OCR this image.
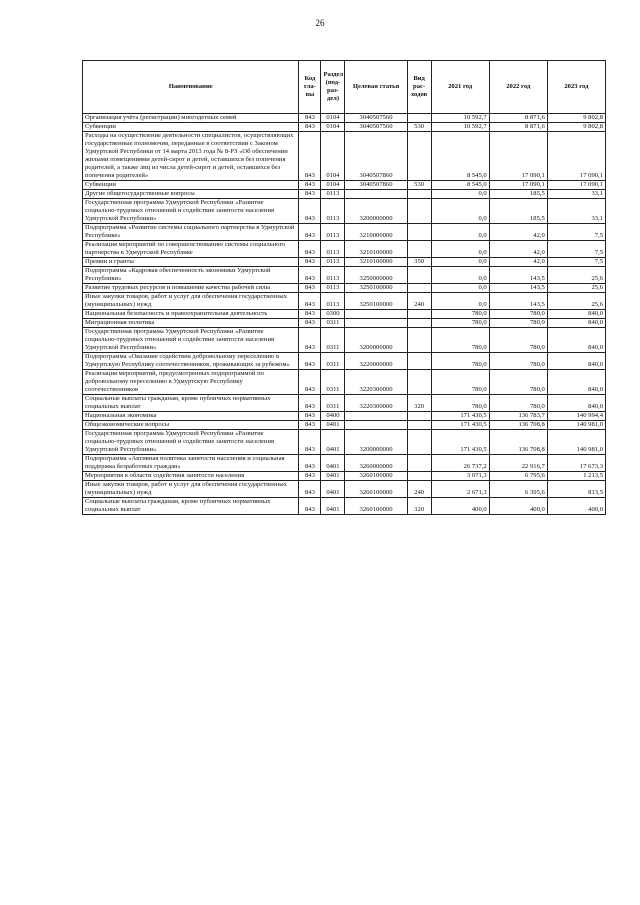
26
Наименование	Код гла-вы	Раздел (под-раз-дел)	Целевая статья	Вид рас-ходов	2021 год	2022 год	2023 год
Организация учёта (регистрации) многодетных семей	843	0104	3040507560		10 592,7	8 871,6	9 802,8
Субвенции	843	0104	3040507560	530	10 592,7	8 871,6	9 802,8
Расходы на осуществление деятельности специалистов, осуществляющих государственные полномочия, переданные в соответствии с Законом Удмуртской Республики от 14 марта 2013 года № 8-РЗ «Об обеспечении жилыми помещениями детей-сирот и детей, оставшихся без попечения родителей, а также лиц из числа детей-сирот и детей, оставшихся без попечения родителей»	843	0104	3040507860		8 545,0	17 090,1	17 090,1
Субвенции	843	0104	3040507860	530	8 545,0	17 090,1	17 090,1
Другие общегосударственные вопросы	843	0113			0,0	185,5	33,1
Государственная программа Удмуртской Республики «Развитие социально-трудовых отношений и содействие занятости населения Удмуртской Республики»	843	0113	3200000000		0,0	185,5	33,1
Подпрограмма «Развитие системы социального партнерства в Удмуртской Республике»	843	0113	3210000000		0,0	42,0	7,5
Реализация мероприятий по совершенствованию системы социального партнерства в Удмуртской Республике	843	0113	3210100000		0,0	42,0	7,5
Премии и гранты	843	0113	3210100000	350	0,0	42,0	7,5
Подпрограмма «Кадровая обеспеченность экономики Удмуртской Республики»	843	0113	3250000000		0,0	143,5	25,6
Развитие трудовых ресурсов и повышение качества рабочей силы	843	0113	3250100000		0,0	143,5	25,6
Иные закупки товаров, работ и услуг для обеспечения государственных (муниципальных) нужд	843	0113	3250100000	240	0,0	143,5	25,6
Национальная безопасность и правоохранительная деятельность	843	0300			780,0	780,0	840,0
Миграционная политика	843	0311			780,0	780,0	840,0
Государственная программа Удмуртской Республики «Развитие социально-трудовых отношений и содействие занятости населения Удмуртской Республики»	843	0311	3200000000		780,0	780,0	840,0
Подпрограмма «Оказание содействия добровольному переселению в Удмуртскую Республику соотечественников, проживающих за рубежом»	843	0311	3220000000		780,0	780,0	840,0
Реализация мероприятий, предусмотренных подпрограммой по добровольному переселению в Удмуртскую Республику соотечественников	843	0311	3220300000		780,0	780,0	840,0
Социальные выплаты гражданам, кроме публичных нормативных социальных выплат	843	0311	3220300000	320	780,0	780,0	840,0
Национальная экономика	843	0400			171 430,5	136 783,7	140 994,4
Общеэкономические вопросы	843	0401			171 430,5	136 708,8	140 981,0
Государственная программа Удмуртской Республики «Развитие социально-трудовых отношений и содействие занятости населения Удмуртской Республики»	843	0401	3200000000		171 430,5	136 708,8	140 981,0
Подпрограмма «Активная политика занятости населения и социальная поддержка безработных граждан»	843	0401	3260000000		26 737,2	22 916,7	17 673,3
Мероприятия в области содействия занятости населения	843	0401	3260100000		3 071,3	6 795,6	1 213,5
Иные закупки товаров, работ и услуг для обеспечения государственных (муниципальных) нужд	843	0401	3260100000	240	2 671,3	6 395,6	813,5
Социальные выплаты гражданам, кроме публичных нормативных социальных выплат	843	0401	3260100000	320	400,0	400,0	400,0
